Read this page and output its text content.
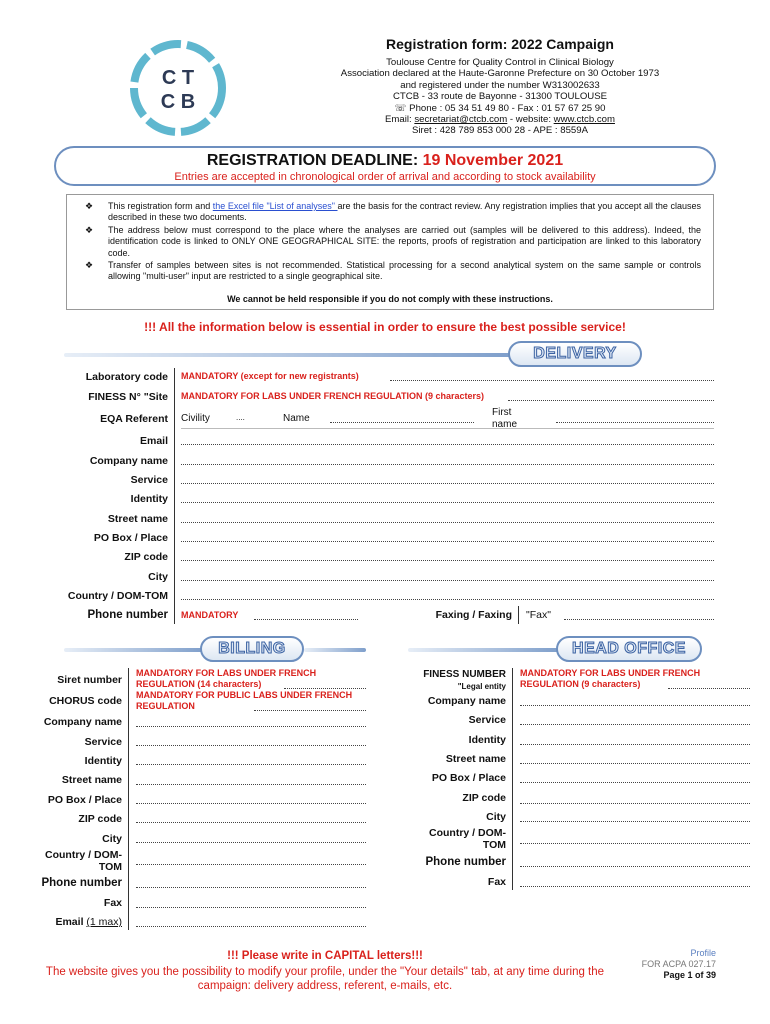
C T
C B
Registration form: 2022 Campaign
Toulouse Centre for Quality Control in Clinical Biology
Association declared at the Haute-Garonne Prefecture on 30 October 1973
and registered under the number W313002633
CTCB - 33 route de Bayonne - 31300 TOULOUSE
☏ Phone : 05 34 51 49 80 - Fax : 01 57 67 25 90
Email: secretariat@ctcb.com - website: www.ctcb.com
Siret : 428 789 853 000 28 - APE : 8559A
REGISTRATION DEADLINE: 19 November 2021
Entries are accepted in chronological order of arrival and according to stock availability
❖ This registration form and the Excel file "List of analyses" are the basis for the contract review. Any registration implies that you accept all the clauses described in these two documents.
❖ The address below must correspond to the place where the analyses are carried out (samples will be delivered to this address). Indeed, the identification code is linked to ONLY ONE GEOGRAPHICAL SITE: the reports, proofs of registration and participation are linked to this laboratory code.
❖ Transfer of samples between sites is not recommended. Statistical processing for a second analytical system on the same sample or controls allowing "multi-user" input are restricted to a single geographical site.
We cannot be held responsible if you do not comply with these instructions.
!!! All the information below is essential in order to ensure the best possible service!
DELIVERY
Laboratory code MANDATORY (except for new registrants)
FINESS N° "Site MANDATORY FOR LABS UNDER FRENCH REGULATION (9 characters)
EQA Referent Civility	....	Name
First name
Email
Company name
Service
Identity
Street name
PO Box / Place
ZIP code
City
Country / DOM-TOM
Phone number MANDATORY	Faxing / Faxing "Fax"
BILLING	HEAD OFFICE
Siret number
MANDATORY FOR LABS UNDER FRENCH REGULATION (14 characters)
CHORUS code MANDATORY FOR PUBLIC LABS UNDER FRENCH REGULATION
Company name
Service
Identity
Street name
PO Box / Place
ZIP code
City
Country / DOM-TOM
Phone number
Fax
Email (1 max)
FINESS NUMBER
"Legal entity
MANDATORY FOR LABS UNDER FRENCH REGULATION (9 characters)
Company name
Service
Identity
Street name
PO Box / Place
ZIP code
City
Country / DOM-TOM
Phone number
Fax
!!! Please write in CAPITAL letters!!!
The website gives you the possibility to modify your profile, under the "Your details" tab, at any time during the campaign: delivery address, referent, e-mails, etc.
Profile
FOR ACPA 027.17
Page 1 of 39
